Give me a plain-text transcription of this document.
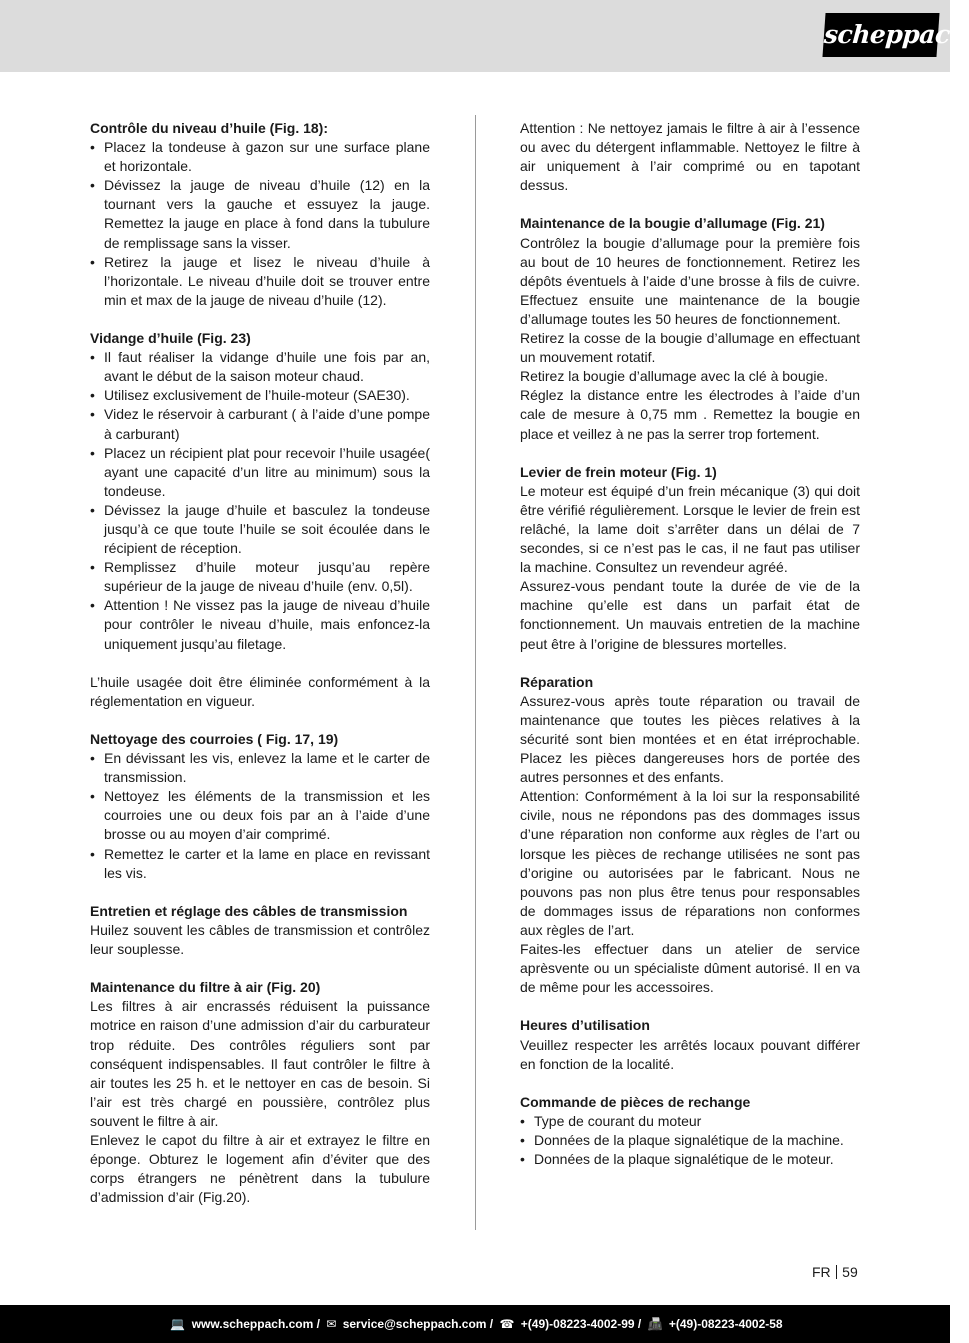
scheppach

Contrôle du niveau d’huile (Fig. 18):

• Placez la tondeuse à gazon sur une surface plane et horizontale.
• Dévissez la jauge de niveau d’huile (12) en la tournant vers la gauche et essuyez la jauge. Remettez la jauge en place à fond dans la tubulure de remplissage sans la visser.
• Retirez la jauge et lisez le niveau d’huile à l’horizontale. Le niveau d’huile doit se trouver entre min et max de la jauge de niveau d’huile (12).

Vidange d’huile (Fig. 23)

• Il faut réaliser la vidange d’huile une fois par an, avant le début de la saison moteur chaud.
• Utilisez exclusivement de l’huile-moteur (SAE30).
• Videz le réservoir à carburant ( à l’aide d’une pompe à carburant)
• Placez un récipient plat pour recevoir l’huile usagée( ayant une capacité d’un litre au minimum) sous la tondeuse.
• Dévissez la jauge d’huile et basculez la tondeuse jusqu’à ce que toute l’huile se soit écoulée dans le récipient de réception.
• Remplissez d’huile moteur jusqu’au repère supérieur de la jauge de niveau d’huile (env. 0,5l).
• Attention ! Ne vissez pas la jauge de niveau d’huile pour contrôler le niveau d’huile, mais enfoncez-la uniquement jusqu’au filetage.

L’huile usagée doit être éliminée conformément à la réglementation en vigueur.

Nettoyage des courroies ( Fig. 17, 19)

• En dévissant les vis, enlevez la lame et le carter de transmission.
• Nettoyez les éléments de la transmission et les courroies une ou deux fois par an à l’aide d’une brosse ou au moyen d’air comprimé.
• Remettez le carter et la lame en place en revissant les vis.

Entretien et réglage des câbles de transmission

Huilez souvent les câbles de transmission et contrôlez leur souplesse.

Maintenance du filtre à air (Fig. 20)

Les filtres à air encrassés réduisent la puissance motrice en raison d’une admission d’air du carburateur trop réduite. Des contrôles réguliers sont par conséquent indispensables. Il faut contrôler le filtre à air toutes les 25 h. et le nettoyer en cas de besoin. Si l’air est très chargé en poussière, contrôlez plus souvent le filtre à air.

Enlevez le capot du filtre à air et extrayez le filtre en éponge. Obturez le logement afin d’éviter que des corps étrangers ne pénètrent dans la tubulure d’admission d’air (Fig.20).

Attention : Ne nettoyez jamais le filtre à air à l’essence ou avec du détergent inflammable. Nettoyez le filtre à air uniquement à l’air comprimé ou en tapotant dessus.

Maintenance de la bougie d’allumage (Fig. 21)

Contrôlez la bougie d’allumage pour la première fois au bout de 10 heures de fonctionnement. Retirez les dépôts éventuels à l’aide d’une brosse à fils de cuivre. Effectuez ensuite une maintenance de la bougie d’allumage toutes les 50 heures de fonctionnement.

Retirez la cosse de la bougie d’allumage en effectuant un mouvement rotatif.

Retirez la bougie d’allumage avec la clé à bougie.

Réglez la distance entre les électrodes à l’aide d’un cale de mesure à 0,75 mm . Remettez la bougie en place et veillez à ne pas la serrer trop fortement.

Levier de frein moteur (Fig. 1)

Le moteur est équipé d’un frein mécanique (3) qui doit être vérifié régulièrement. Lorsque le levier de frein est relâché, la lame doit s’arrêter dans un délai de 7 secondes, si ce n’est pas le cas, il ne faut pas utiliser la machine. Consultez un revendeur agréé.

Assurez-vous pendant toute la durée de vie de la machine qu’elle est dans un parfait état de fonctionnement. Un mauvais entretien de la machine peut être à l’origine de blessures mortelles.

Réparation

Assurez-vous après toute réparation ou travail de maintenance que toutes les pièces relatives à la sécurité sont bien montées et en état irréprochable. Placez les pièces dangereuses hors de portée des autres personnes et des enfants.

Attention: Conformément à la loi sur la responsabilité civile, nous ne répondons pas des dommages issus d’une réparation non conforme aux règles de l’art ou lorsque les pièces de rechange utilisées ne sont pas d’origine ou autorisées par le fabricant. Nous ne pouvons pas non plus être tenus pour responsables de dommages issus de réparations non conformes aux règles de l’art.

Faites-les effectuer dans un atelier de service aprèsvente ou un spécialiste dûment autorisé. Il en va de même pour les accessoires.

Heures d’utilisation

Veuillez respecter les arrêtés locaux pouvant différer en fonction de la localité.

Commande de pièces de rechange

• Type de courant du moteur
• Données de la plaque signalétique de la machine.
• Données de la plaque signalétique de le moteur.
FR 59
💻 www.scheppach.com / ✉ service@scheppach.com / ☎ +(49)-08223-4002-99 / 📠 +(49)-08223-4002-58
